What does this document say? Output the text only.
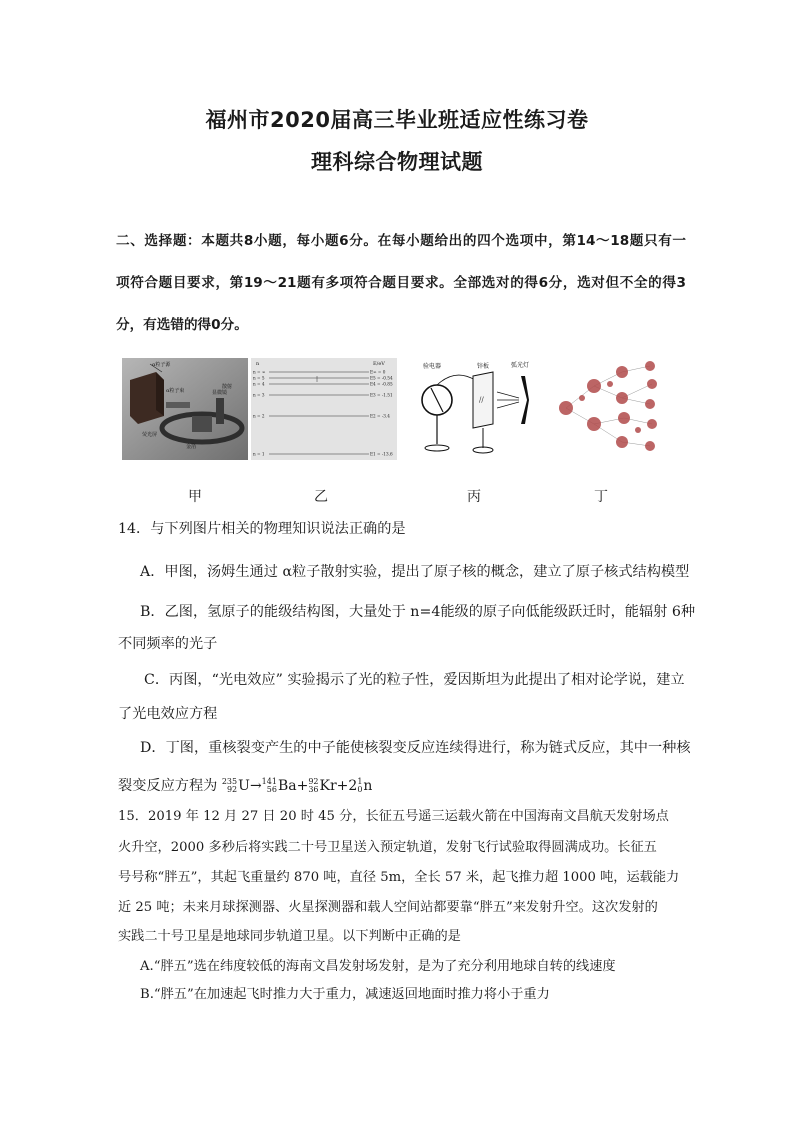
福州市2020届高三毕业班适应性练习卷
理科综合物理试题
二、选择题：本题共8小题，每小题6分。在每小题给出的四个选项中，第14～18题只有一
项符合题目要求，第19～21题有多项符合题目要求。全部选对的得6分，选对但不全的得3
分，有选错的得0分。
α粒子源
α粒子束
金箔
荧光屏
显微镜
散射
n	E/eV
n = ∞	E∞ = 0
n = 5	E5 = -0.54
n = 4	E4 = -0.85
n = 3	E3 = -1.51
n = 2	E2 = -3.4
n = 1	E1 = -13.6
验电器	锌板	弧光灯
//
甲	乙	丙	丁
14．与下列图片相关的物理知识说法正确的是
A．甲图，汤姆生通过 α粒子散射实验，提出了原子核的概念，建立了原子核式结构模型
B．乙图，氢原子的能级结构图，大量处于 n=4能级的原子向低能级跃迁时，能辐射 6种
不同频率的光子
C．丙图，“光电效应” 实验揭示了光的粒子性，爱因斯坦为此提出了相对论学说，建立
了光电效应方程
D．丁图，重核裂变产生的中子能使核裂变反应连续得进行，称为链式反应，其中一种核
裂变反应方程为 235
92 U→ 141
56 Ba+ 92
36 Kr+2 1
0 n
15．2019 年 12 月 27 日 20 时 45 分，长征五号遥三运载火箭在中国海南文昌航天发射场点
火升空，2000 多秒后将实践二十号卫星送入预定轨道，发射飞行试验取得圆满成功。长征五
号号称“胖五”，其起飞重量约 870 吨，直径 5m，全长 57 米，起飞推力超 1000 吨，运载能力
近 25 吨；未来月球探测器、火星探测器和载人空间站都要靠“胖五”来发射升空。这次发射的
实践二十号卫星是地球同步轨道卫星。以下判断中正确的是
A.“胖五”选在纬度较低的海南文昌发射场发射，是为了充分利用地球自转的线速度
B.“胖五”在加速起飞时推力大于重力，减速返回地面时推力将小于重力
